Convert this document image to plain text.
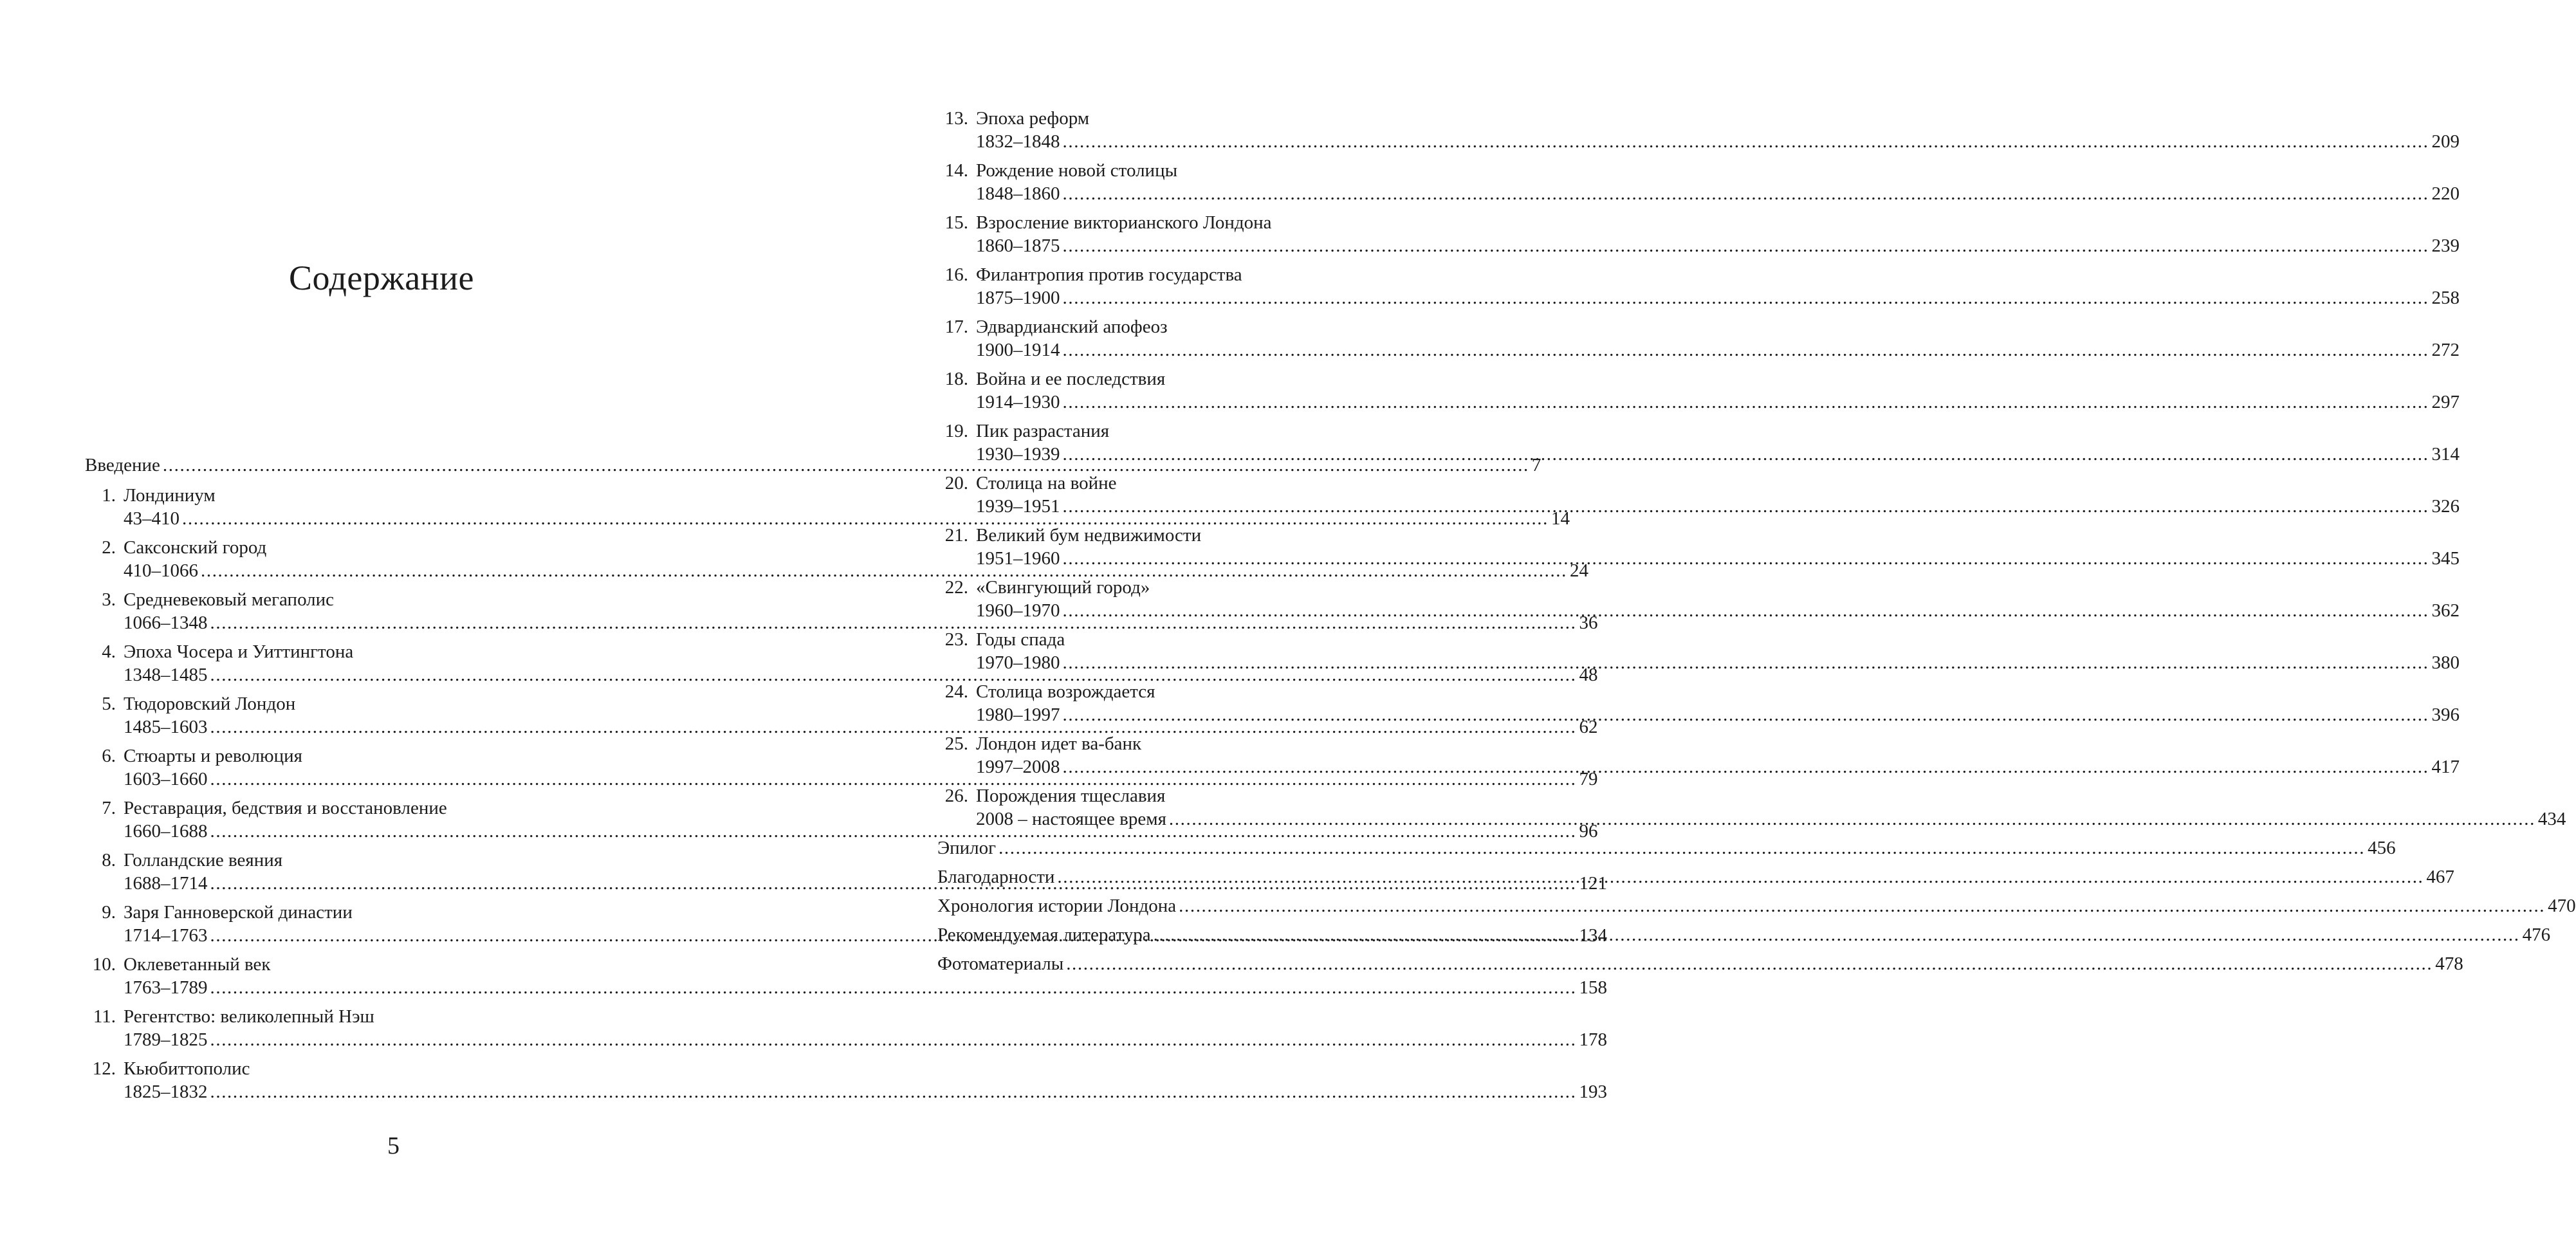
Содержание
Введение .....	7
1. Лондиниум
43–410 .....	14
2. Саксонский город
410–1066 .....	24
3. Средневековый мегаполис
1066–1348 .....	36
4. Эпоха Чосера и Уиттингтона
1348–1485 .....	48
5. Тюдоровский Лондон
1485–1603 .....	62
6. Стюарты и революция
1603–1660 .....	79
7. Реставрация, бедствия и восстановление
1660–1688 .....	96
8. Голландские веяния
1688–1714 .....	121
9. Заря Ганноверской династии
1714–1763 .....	134
10. Оклеветанный век
1763–1789 .....	158
11. Регентство: великолепный Нэш
1789–1825 .....	178
12. Кьюбиттополис
1825–1832 .....	193
5
13. Эпоха реформ
1832–1848 .....	209
14. Рождение новой столицы
1848–1860 .....	220
15. Взросление викторианского Лондона
1860–1875 .....	239
16. Филантропия против государства
1875–1900 .....	258
17. Эдвардианский апофеоз
1900–1914 .....	272
18. Война и ее последствия
1914–1930 .....	297
19. Пик разрастания
1930–1939 .....	314
20. Столица на войне
1939–1951 .....	326
21. Великий бум недвижимости
1951–1960 .....	345
22. «Свингующий город»
1960–1970 .....	362
23. Годы спада
1970–1980 .....	380
24. Столица возрождается
1980–1997 .....	396
25. Лондон идет ва-банк
1997–2008 .....	417
26. Порождения тщеславия
2008 – настоящее время .....	434
Эпилог .....	456
Благодарности .....	467
Хронология истории Лондона .....	470
Рекомендуемая литература .....	476
Фотоматериалы .....	478
